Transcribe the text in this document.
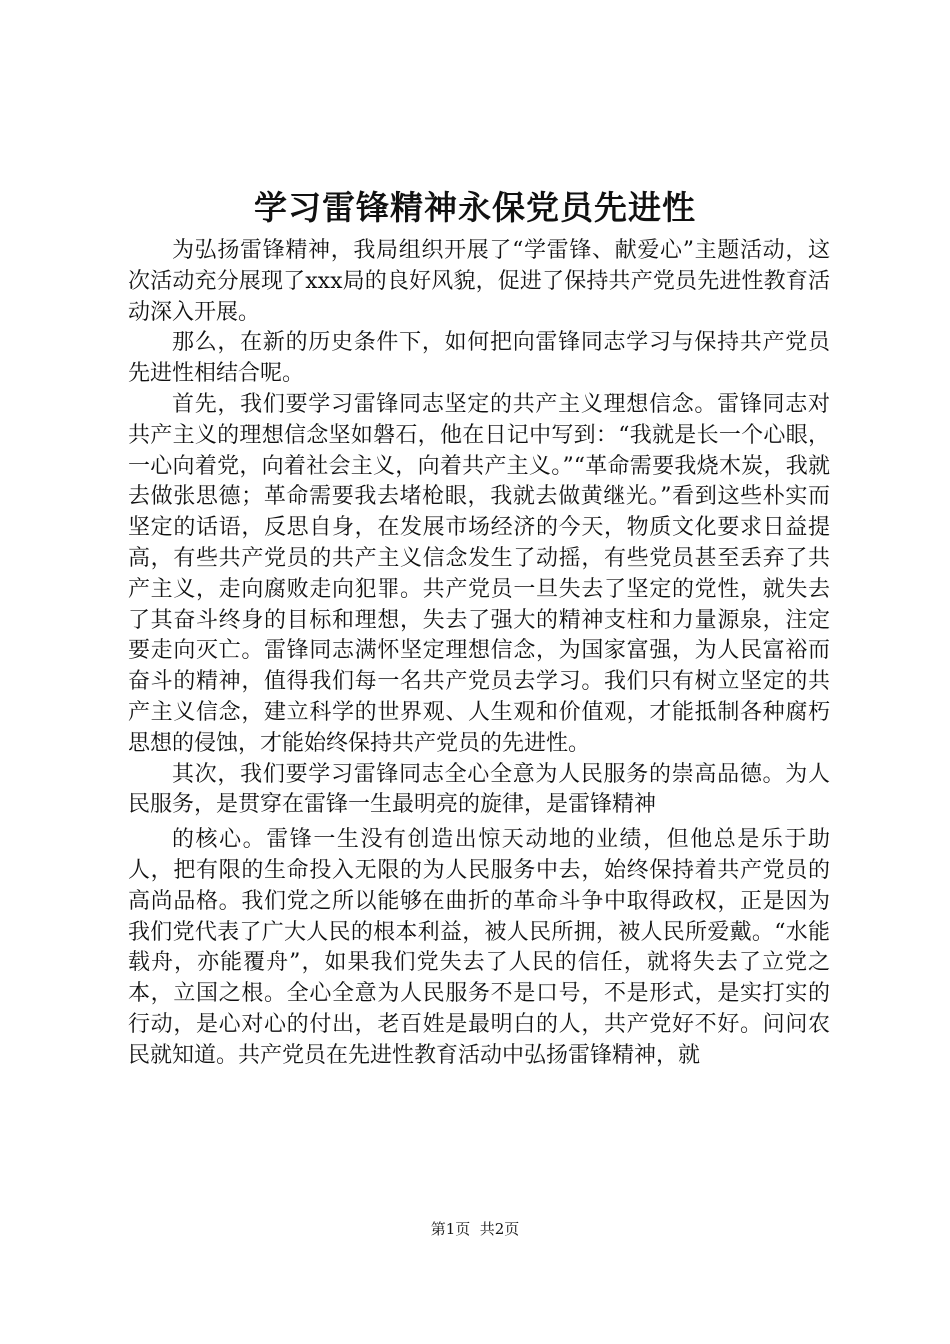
学习雷锋精神永保党员先进性

为弘扬雷锋精神，我局组织开展了“学雷锋、献爱心”主题活动，这次活动充分展现了xxx局的良好风貌，促进了保持共产党员先进性教育活动深入开展。

那么，在新的历史条件下，如何把向雷锋同志学习与保持共产党员先进性相结合呢。

首先，我们要学习雷锋同志坚定的共产主义理想信念。雷锋同志对共产主义的理想信念坚如磐石，他在日记中写到：“我就是长一个心眼，一心向着党，向着社会主义，向着共产主义。”“革命需要我烧木炭，我就去做张思德；革命需要我去堵枪眼，我就去做黄继光。”看到这些朴实而坚定的话语，反思自身，在发展市场经济的今天，物质文化要求日益提高，有些共产党员的共产主义信念发生了动摇，有些党员甚至丢弃了共产主义，走向腐败走向犯罪。共产党员一旦失去了坚定的党性，就失去了其奋斗终身的目标和理想，失去了强大的精神支柱和力量源泉，注定要走向灭亡。雷锋同志满怀坚定理想信念，为国家富强，为人民富裕而奋斗的精神，值得我们每一名共产党员去学习。我们只有树立坚定的共产主义信念，建立科学的世界观、人生观和价值观，才能抵制各种腐朽思想的侵蚀，才能始终保持共产党员的先进性。

其次，我们要学习雷锋同志全心全意为人民服务的崇高品德。为人民服务，是贯穿在雷锋一生最明亮的旋律，是雷锋精神

的核心。雷锋一生没有创造出惊天动地的业绩，但他总是乐于助人，把有限的生命投入无限的为人民服务中去，始终保持着共产党员的高尚品格。我们党之所以能够在曲折的革命斗争中取得政权，正是因为我们党代表了广大人民的根本利益，被人民所拥，被人民所爱戴。“水能载舟，亦能覆舟”，如果我们党失去了人民的信任，就将失去了立党之本，立国之根。全心全意为人民服务不是口号，不是形式，是实打实的行动，是心对心的付出，老百姓是最明白的人，共产党好不好。问问农民就知道。共产党员在先进性教育活动中弘扬雷锋精神，就

第1页  共2页
